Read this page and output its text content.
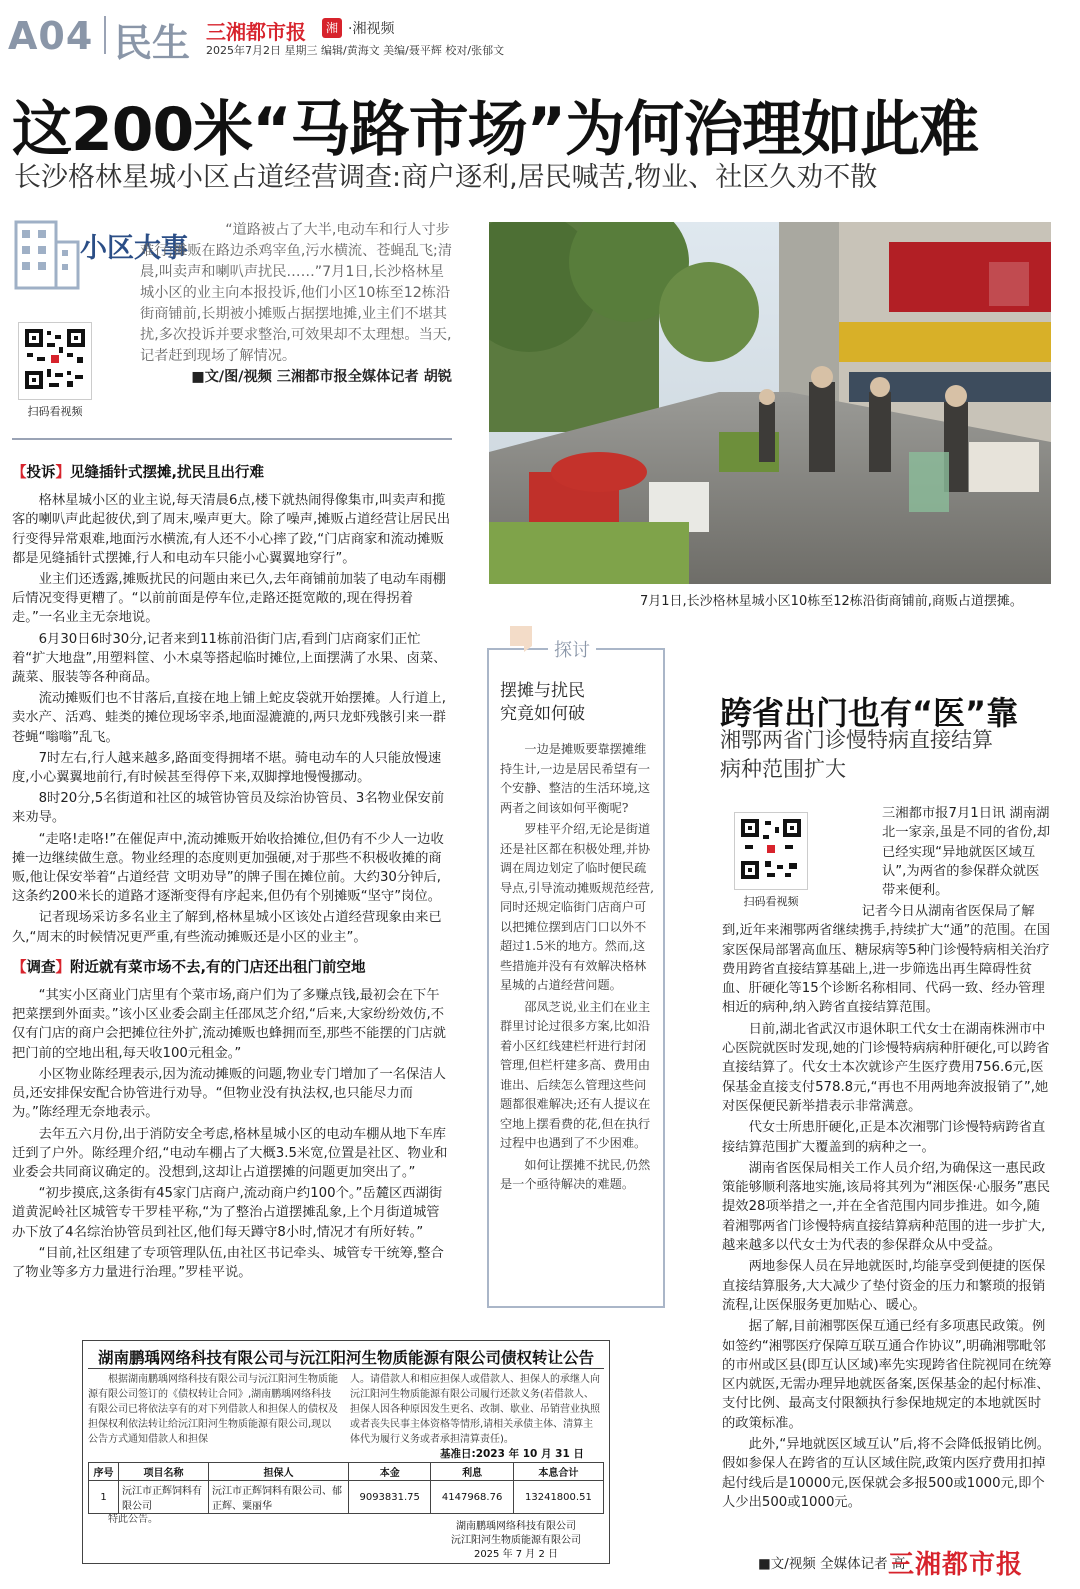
A04 民生 三湘都市报	湘 ·湘视频
2025年7月2日 星期三 编辑/黄海文 美编/聂平辉 校对/张郁文
这200米“马路市场”为何治理如此难
长沙格林星城小区占道经营调查:商户逐利,居民喊苦,物业、社区久劝不散
小区大事
扫码看视频
“道路被占了大半,电动车和行人寸步难行;摊贩在路边杀鸡宰鱼,污水横流、苍蝇乱飞;清晨,叫卖声和喇叭声扰民……”7月1日,长沙格林星城小区的业主向本报投诉,他们小区10栋至12栋沿街商铺前,长期被小摊贩占据摆地摊,业主们不堪其扰,多次投诉并要求整治,可效果却不太理想。当天,记者赶到现场了解情况。
■文/图/视频 三湘都市报全媒体记者 胡锐
【投诉】见缝插针式摆摊,扰民且出行难

格林星城小区的业主说,每天清晨6点,楼下就热闹得像集市,叫卖声和揽客的喇叭声此起彼伏,到了周末,噪声更大。除了噪声,摊贩占道经营让居民出行变得异常艰难,地面污水横流,有人还不小心摔了跤,“门店商家和流动摊贩都是见缝插针式摆摊,行人和电动车只能小心翼翼地穿行”。

业主们还透露,摊贩扰民的问题由来已久,去年商铺前加装了电动车雨棚后情况变得更糟了。“以前前面是停车位,走路还挺宽敞的,现在得拐着走。”一名业主无奈地说。

6月30日6时30分,记者来到11栋前沿街门店,看到门店商家们正忙着“扩大地盘”,用塑料筐、小木桌等搭起临时摊位,上面摆满了水果、卤菜、蔬菜、服装等各种商品。

流动摊贩们也不甘落后,直接在地上铺上蛇皮袋就开始摆摊。人行道上,卖水产、活鸡、蛙类的摊位现场宰杀,地面湿漉漉的,两只龙虾残骸引来一群苍蝇“嗡嗡”乱飞。

7时左右,行人越来越多,路面变得拥堵不堪。骑电动车的人只能放慢速度,小心翼翼地前行,有时候甚至得停下来,双脚撑地慢慢挪动。

8时20分,5名街道和社区的城管协管员及综治协管员、3名物业保安前来劝导。

“走咯!走咯!”在催促声中,流动摊贩开始收拾摊位,但仍有不少人一边收摊一边继续做生意。物业经理的态度则更加强硬,对于那些不积极收摊的商贩,他让保安举着“占道经营 文明劝导”的牌子围在摊位前。大约30分钟后,这条约200米长的道路才逐渐变得有序起来,但仍有个别摊贩“坚守”岗位。

记者现场采访多名业主了解到,格林星城小区该处占道经营现象由来已久,“周末的时候情况更严重,有些流动摊贩还是小区的业主”。

【调查】附近就有菜市场不去,有的门店还出租门前空地

“其实小区商业门店里有个菜市场,商户们为了多赚点钱,最初会在下午把菜摆到外面卖。”该小区业委会副主任邵凤芝介绍,“后来,大家纷纷效仿,不仅有门店的商户会把摊位往外扩,流动摊贩也蜂拥而至,那些不能摆的门店就把门前的空地出租,每天收100元租金。”

小区物业陈经理表示,因为流动摊贩的问题,物业专门增加了一名保洁人员,还安排保安配合协管进行劝导。“但物业没有执法权,也只能尽力而为。”陈经理无奈地表示。

去年五六月份,出于消防安全考虑,格林星城小区的电动车棚从地下车库迁到了户外。陈经理介绍,“电动车棚占了大概3.5米宽,位置是社区、物业和业委会共同商议确定的。没想到,这却让占道摆摊的问题更加突出了。”

“初步摸底,这条街有45家门店商户,流动商户约100个。”岳麓区西湖街道黄泥岭社区城管专干罗桂平称,“为了整治占道摆摊乱象,上个月街道城管办下放了4名综治协管员到社区,他们每天蹲守8小时,情况才有所好转。”

“目前,社区组建了专项管理队伍,由社区书记牵头、城管专干统筹,整合了物业等多方力量进行治理。”罗桂平说。

7月1日,长沙格林星城小区10栋至12栋沿街商铺前,商贩占道摆摊。
探讨
摆摊与扰民
究竟如何破

一边是摊贩要靠摆摊维持生计,一边是居民希望有一个安静、整洁的生活环境,这两者之间该如何平衡呢?

罗桂平介绍,无论是街道还是社区都在积极处理,并协调在周边划定了临时便民疏导点,引导流动摊贩规范经营,同时还规定临街门店商户可以把摊位摆到店门口以外不超过1.5米的地方。然而,这些措施并没有有效解决格林星城的占道经营问题。

邵凤芝说,业主们在业主群里讨论过很多方案,比如沿着小区红线建栏杆进行封闭管理,但栏杆建多高、费用由谁出、后续怎么管理这些问题都很难解决;还有人提议在空地上摆看费的花,但在执行过程中也遇到了不少困难。

如何让摆摊不扰民,仍然是一个亟待解决的难题。

跨省出门也有“医”靠
湘鄂两省门诊慢特病直接结算
病种范围扩大
扫码看视频
三湘都市报7月1日讯 湖南湖北一家亲,虽是不同的省份,却已经实现“异地就医区域互认”,为两省的参保群众就医带来便利。

记者今日从湖南省医保局了解到,近年来湘鄂两省继续携手,持续扩大“通”的范围。在国家医保局部署高血压、糖尿病等5种门诊慢特病相关治疗费用跨省直接结算基础上,进一步筛选出再生障碍性贫血、肝硬化等15个诊断名称相同、代码一致、经办管理相近的病种,纳入跨省直接结算范围。

日前,湖北省武汉市退休职工代女士在湖南株洲市中心医院就医时发现,她的门诊慢特病病种肝硬化,可以跨省直接结算了。代女士本次就诊产生医疗费用756.6元,医保基金直接支付578.8元,“再也不用两地奔波报销了”,她对医保便民新举措表示非常满意。

代女士所患肝硬化,正是本次湘鄂门诊慢特病跨省直接结算范围扩大覆盖到的病种之一。

湖南省医保局相关工作人员介绍,为确保这一惠民政策能够顺利落地实施,该局将其列为“湘医保·心服务”惠民提效28项举措之一,并在全省范围内同步推进。如今,随着湘鄂两省门诊慢特病直接结算病种范围的进一步扩大,越来越多以代女士为代表的参保群众从中受益。

两地参保人员在异地就医时,均能享受到便捷的医保直接结算服务,大大减少了垫付资金的压力和繁琐的报销流程,让医保服务更加贴心、暖心。

据了解,目前湘鄂医保互通已经有多项惠民政策。例如签约“湘鄂医疗保障互联互通合作协议”,明确湘鄂毗邻的市州或区县(即互认区域)率先实现跨省住院视同在统筹区内就医,无需办理异地就医备案,医保基金的起付标准、支付比例、最高支付限额执行参保地规定的本地就医时的政策标准。

此外,“异地就医区域互认”后,将不会降低报销比例。假如参保人在跨省的互认区域住院,政策内医疗费用扣掉起付线后是10000元,医保就会多报500或1000元,即个人少出500或1000元。

■文/视频 全媒体记者 高
三湘都市报
湖南鹏瑀网络科技有限公司与沅江阳河生物质能源有限公司债权转让公告
根据湖南鹏瑀网络科技有限公司与沅江阳河生物质能源有限公司签订的《债权转让合同》,湖南鹏瑀网络科技有限公司已将依法享有的对下列借款人和担保人的债权及担保权利依法转让给沅江阳河生物质能源有限公司,现以公告方式通知借款人和担保
人。请借款人和相应担保人或借款人、担保人的承继人向沅江阳河生物质能源有限公司履行还款义务(若借款人、担保人因各种原因发生更名、改制、歇业、吊销营业执照或者丧失民事主体资格等情形,请相关承债主体、清算主体代为履行义务或者承担清算责任)。
基准日:2023 年 10 月 31 日
序号	项目名称	担保人	本金	利息	本息合计
1	沅江市正辉饲料有限公司	沅江市正辉饲料有限公司、郁正辉、粟丽华	9093831.75	4147968.76	13241800.51
特此公告。
湖南鹏瑀网络科技有限公司
沅江阳河生物质能源有限公司
2025 年 7 月 2 日
